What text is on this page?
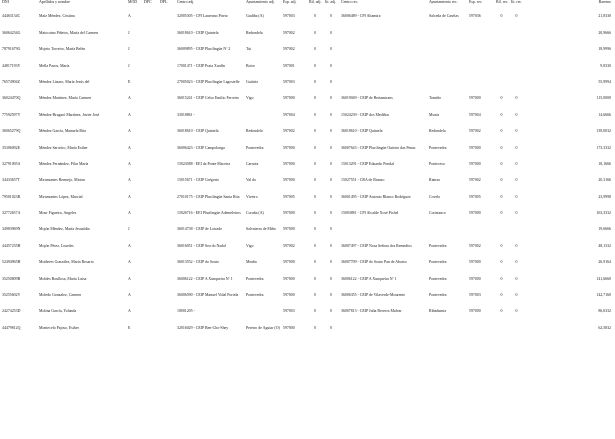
DNI	Apellidos y nombre	MOD	DPC	DPL	Centro adj.	Ayuntamiento adj.	Esp. adj.	Bil. adj.	Iti. adj.	Centro rec.	Ayuntamiento rec.	Esp. rec.	Bil. rec.	Iti. rec.	Baremo
44463134C	Maíz Méndez, Cristina	A			32005305 - CPI Laureano Prieto	Gudiña (A)	597003	0	0	36006489 - CPI Altamira	Salceda de Caselas	597036	0	0	21,8330
36064234G	Maiocaino Piñeiro, María del Carmen	J			36018610 - CEIP Quintela	Redondela	597002	0	0						20,9666
78791679G	Mojeio Torreiro, María Belén	J			36009895 - CEIP Plurilingüe Nº 2	Tui	597002	0	0						18,9996
44817193V	Mella Pazos, María	J			17001471 - CEIP Praia Xardín	Boiro	597001	0	0						9,8330
76574904Z	Méndez Lázaro, María Jesús del	E			27005023 - CEIP Plurilingüe Lagostelle	Guitiriz	597003	0	0						55,9994
36024470Q	Méndez Martínez, María Carmen	A			36015241 - CEIP Celso Emilio Ferreiro	Vigo	597000	0	0	36019049 - CEIP de Bertamirans	Tomiño	597000	0	0	115,0000
77592597V	Méndez-Bragaró Martínez, Javier José	A			33018861 -		597004	0	0	15024239 - CEIP dos Medíños	Muxía	597004	0	0	14,6666
36065279Q	Méndez García, Manuela Rita	A			36018610 - CEIP Quintela	Redondela	597002	0	0	36018610 - CEIP Quintela	Redondela	597002	0	0	139,0032
35306092E	Méndez Sarceiro, María Esther	A			36006423 - CEIP Campolongo	Pontevedra	597000	0	0	36007643 - CEIP Plurilingüe Outeiro das Penas	Pontevedra	597000	0	0	173,3332
32791005A	Méndez Fernández, Pilar María	A			15024588 - EEI da Ponte Maceira	Carnota	597000	0	0	15013291 - CEIP Eduardo Pondal	Ponteceso	597000	0	0	18,1666
34433657T	Miramontes Bermejo, Mirian	A			15015671 - CEIP Grégorio	Val do	597000	0	0	15027551 - CRA de Rianxo	Rianxo	597002	0	0	20,3166
79501023R	Miramontes López, Marcial	A			27010175 - CEIP Plurilingüe Santa Rita	Viveiro	597005	0	0	36001495 - CEIP Antonio Blanco Rodríguez	Covelo	597005	0	0	23,9998
32772657A	Mour Figueira, Ángeles	A			15026716 - EEI Plurilingüe Ademeleiros	Coruña (A)	597000	0	0	15003881 - CPI Alcalde Xosé Pichel	Coristanco	597000	0	0	163,3332
34983969N	Mojón Méndez, María Jesualdin	J			36014738 - CEIP de Loirado	Salvaterra de Miño	597000	0	0						19,6666
44457235H	Mojón Pérez, Lourdes	A			36016051 - CEIP Sea do Nadal	Vigo	597002	0	0	36007497 - CEIP Nosa Señora dos Remedios	Pontevedra	597002	0	0	48,1332
52494965H	Moiñeres González, María Rosario	A			36013552 - CEIP do Souto	Meaña	597000	0	0	36007709 - CEIP do Souto Pan de Abaixo	Pontevedra	597000	0	0	26,9164
35250809B	Moldes Boullosa, María Luisa	A			36006122 - CEIP A Xunqueira Nº 1	Pontevedra	597000	0	0	36006122 - CEIP A Xunqueira Nº 1	Pontevedra	597000	0	0	141,6660
35255602V	Moledo Gonzalez, Carmen	A			36006590 - CEIP Manuel Vidal Portela	Pontevedra	597000	0	0	36006355 - CEIP de Vilaverde-Mourente	Pontevedra	597003	0	0	142,7160
24274253D	Molina García, Yolanda	A			18001205 -		597003	0	0	36007813 - CEIP Julia Becerra Malvar	Ribadumia	597000	0	0	86,6332
44479812Q	Montecelo Pajoso, Esther	E			32016029 - CEIP Ben-Cho-Shey	Pereiro de Aguiar (O)	597000	0	0						62,5832
